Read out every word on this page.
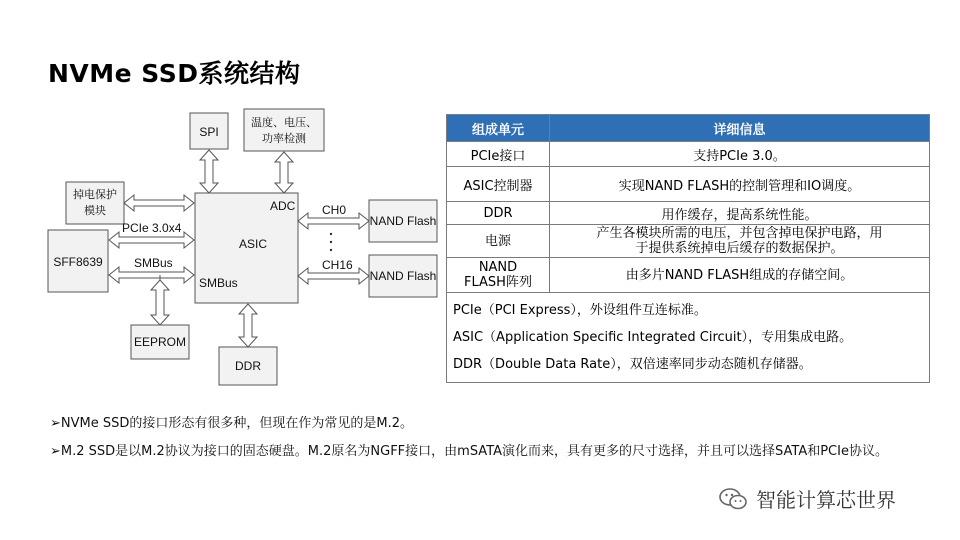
NVMe SSD系统结构
SPI
温度、电压、
功率检测
掉电保护
模块
SFF8639
ADC
ASIC
SMBus
NAND Flash
NAND Flash
EEPROM
DDR
PCIe 3.0x4
SMBus
CH0
CH16
组成单元	详细信息
PCIe接口	支持PCIe 3.0。
ASIC控制器	实现NAND FLASH的控制管理和IO调度。
DDR	用作缓存，提高系统性能。
电源	产生各模块所需的电压，并包含掉电保护电路，用
于提供系统掉电后缓存的数据保护。

NAND
FLASH阵列	由多片NAND FLASH组成的存储空间。

PCIe（PCI Express），外设组件互连标准。
ASIC（Application Specific Integrated Circuit），专用集成电路。
DDR（Double Data Rate），双倍速率同步动态随机存储器。	
➢NVMe SSD的接口形态有很多种，但现在作为常见的是M.2。
➢M.2 SSD是以M.2协议为接口的固态硬盘。M.2原名为NGFF接口，由mSATA演化而来，具有更多的尺寸选择，并且可以选择SATA和PCIe协议。
智能计算芯世界
